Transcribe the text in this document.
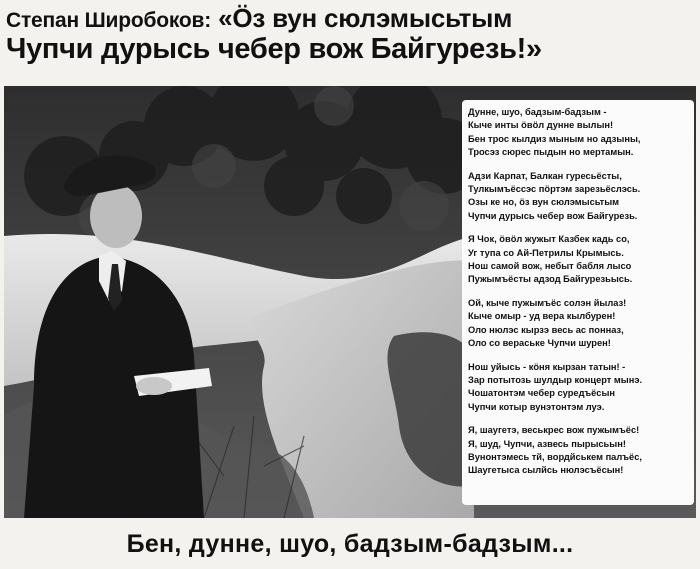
Степан Широбоков: «Öз вун сюлэмысьтым
Чупчи дурысь чебер вож Байгурезь!»
Дунне, шуо, бадзым-бадзым -
Кыче инты öвöл дунне вылын!
Бен трос кылдиз мыным но адзыны,
Тросэз сюрес пыдын но мертамын.
Адзи Карпат, Балкан гуресьёсты,
Тулкымъёссэс пöртэм зарезьёслэсь.
Озы ке но, öз вун сюлэмысьтым
Чупчи дурысь чебер вож Байгурезь.
Я Чок, öвöл жужыт Казбек кадь со,
Уг тупа со Ай-Петрилы Крымысь.
Нош самой вож, небыт бабля лысо
Пужымъёсты адзод Байгурезьысь.
Ой, кыче пужымъёс солэн йылаз!
Кыче омыр - уд вера кылбурен!
Оло нюлэс кырзэ весь ас понназ,
Оло со вераське Чупчи шурен!
Нош уйысь - кöня кырзан татын! -
Зар потытозь шулдыр концерт мынэ.
Чошатонтэм чебер суредъёсын
Чупчи котыр вунэтонтэм луэ.
Я, шаугетэ, веськрес вож пужымъёс!
Я, шуд, Чупчи, азвесь пырысьын!
Вунонтэмесь тй, вордйськем палъёс,
Шаугетыса сылйсь нюлэсъёсын!
Бен, дунне, шуо, бадзым-бадзым...
